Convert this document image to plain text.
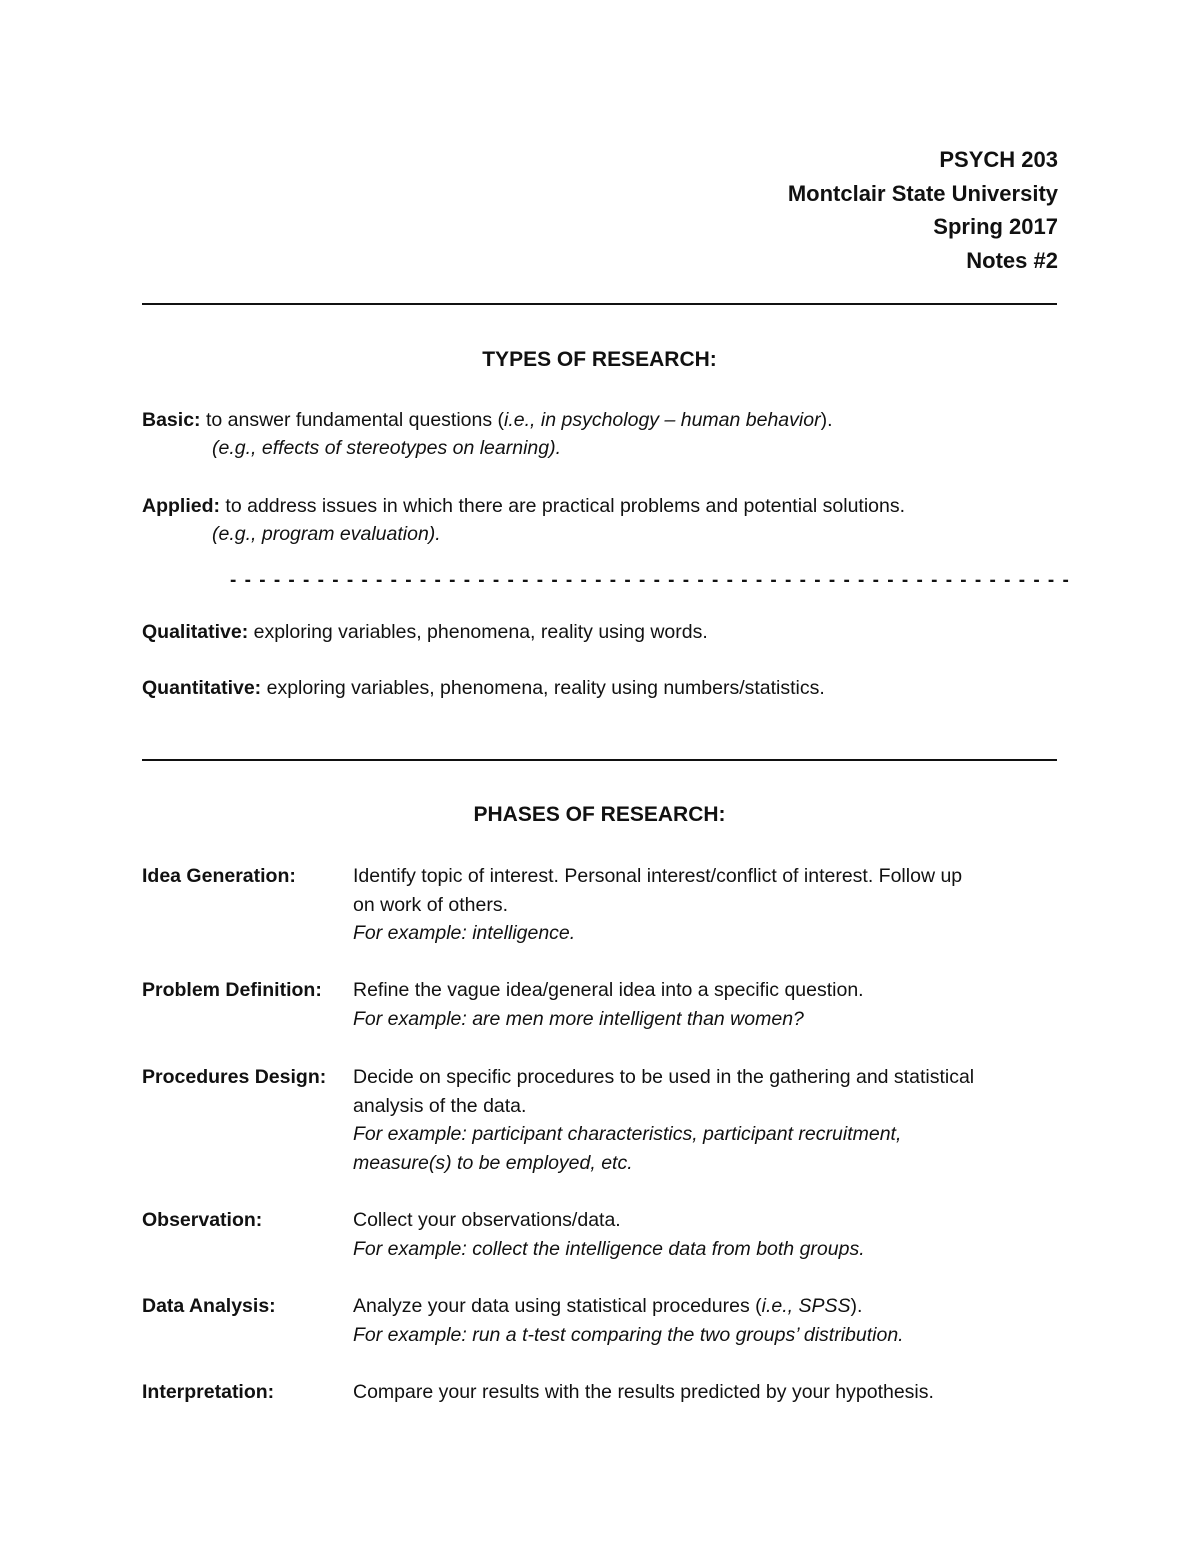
PSYCH 203
Montclair State University
Spring 2017
Notes #2
TYPES OF RESEARCH:
Basic: to answer fundamental questions (i.e., in psychology – human behavior).
(e.g., effects of stereotypes on learning).
Applied: to address issues in which there are practical problems and potential solutions.
(e.g., program evaluation).
- - - - - - - - - - - - - - - - - - - - - - - - - - - - - - - - - - - - - - - - - - - - - - - - - - - - - - - - - -
Qualitative: exploring variables, phenomena, reality using words.
Quantitative: exploring variables, phenomena, reality using numbers/statistics.
PHASES OF RESEARCH:
Idea Generation:	Identify topic of interest. Personal interest/conflict of interest. Follow up
on work of others.
For example: intelligence.
Problem Definition: Refine the vague idea/general idea into a specific question.
For example: are men more intelligent than women?
Procedures Design: Decide on specific procedures to be used in the gathering and statistical
analysis of the data.
For example: participant characteristics, participant recruitment,
measure(s) to be employed, etc.
Observation:	Collect your observations/data.
For example: collect the intelligence data from both groups.
Data Analysis:	Analyze your data using statistical procedures (i.e., SPSS).
For example: run a t-test comparing the two groups’ distribution.
Interpretation:	Compare your results with the results predicted by your hypothesis.
